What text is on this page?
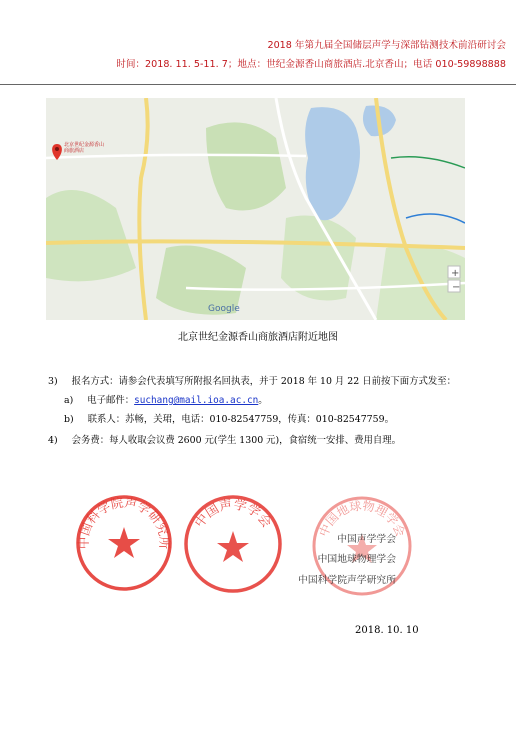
2018 年第九届全国储层声学与深部钻测技术前沿研讨会
时间：2018. 11. 5-11. 7；地点：世纪金源香山商旅酒店.北京香山；电话 010-59898888
+
−
北京世纪金源香山商旅酒店
Google
北京世纪金源香山商旅酒店附近地图
3) 报名方式：请参会代表填写所附报名回执表，并于 2018 年 10 月 22 日前按下面方式发至：
a) 电子邮件：suchang@mail.ioa.ac.cn。
b) 联系人：苏畅，关珺，电话：010-82547759，传真：010-82547759。
4) 会务费：每人收取会议费 2600 元(学生 1300 元)，食宿统一安排、费用自理。
中国科学院声学研究所
中国声学学会	中国地球物理学会
中国声学学会
中国地球物理学会
中国科学院声学研究所
2018. 10. 10
